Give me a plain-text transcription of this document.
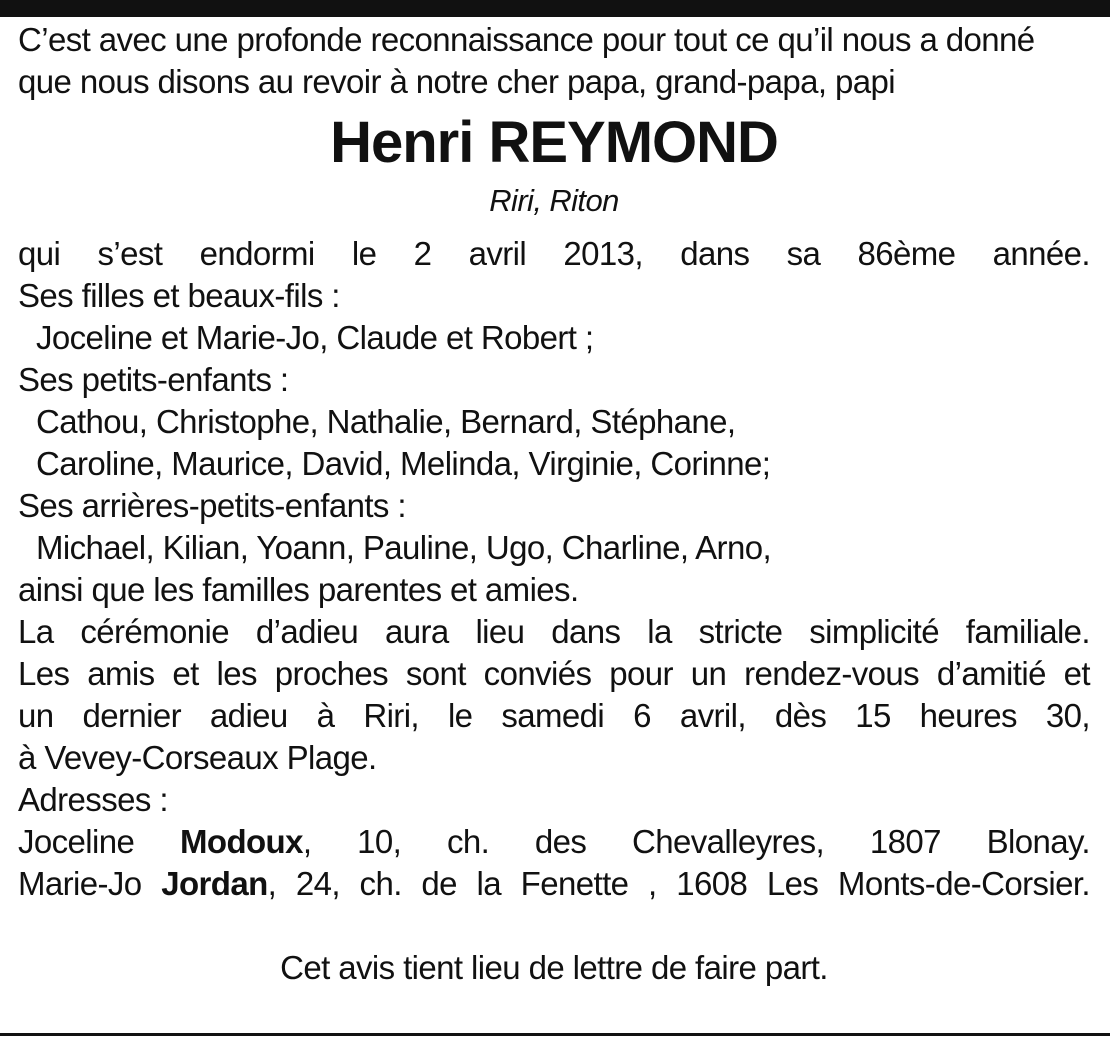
C’est avec une profonde reconnaissance pour tout ce qu’il nous a donné
que nous disons au revoir à notre cher papa, grand-papa, papi
Henri REYMOND
Riri, Riton
qui s’est endormi le 2 avril 2013, dans sa 86ème année.
Ses filles et beaux-fils :
Joceline et Marie-Jo, Claude et Robert ;
Ses petits-enfants :
Cathou, Christophe, Nathalie, Bernard, Stéphane,
Caroline, Maurice, David, Melinda, Virginie, Corinne;
Ses arrières-petits-enfants :
Michael, Kilian, Yoann, Pauline, Ugo, Charline, Arno,
ainsi que les familles parentes et amies.
La cérémonie d’adieu aura lieu dans la stricte simplicité familiale.
Les amis et les proches sont conviés pour un rendez-vous d’amitié et
un dernier adieu à Riri, le samedi 6 avril, dès 15 heures 30,
à Vevey-Corseaux Plage.
Adresses :
Joceline Modoux, 10, ch. des Chevalleyres, 1807 Blonay.
Marie-Jo Jordan, 24, ch. de la Fenette , 1608 Les Monts-de-Corsier.
Cet avis tient lieu de lettre de faire part.
